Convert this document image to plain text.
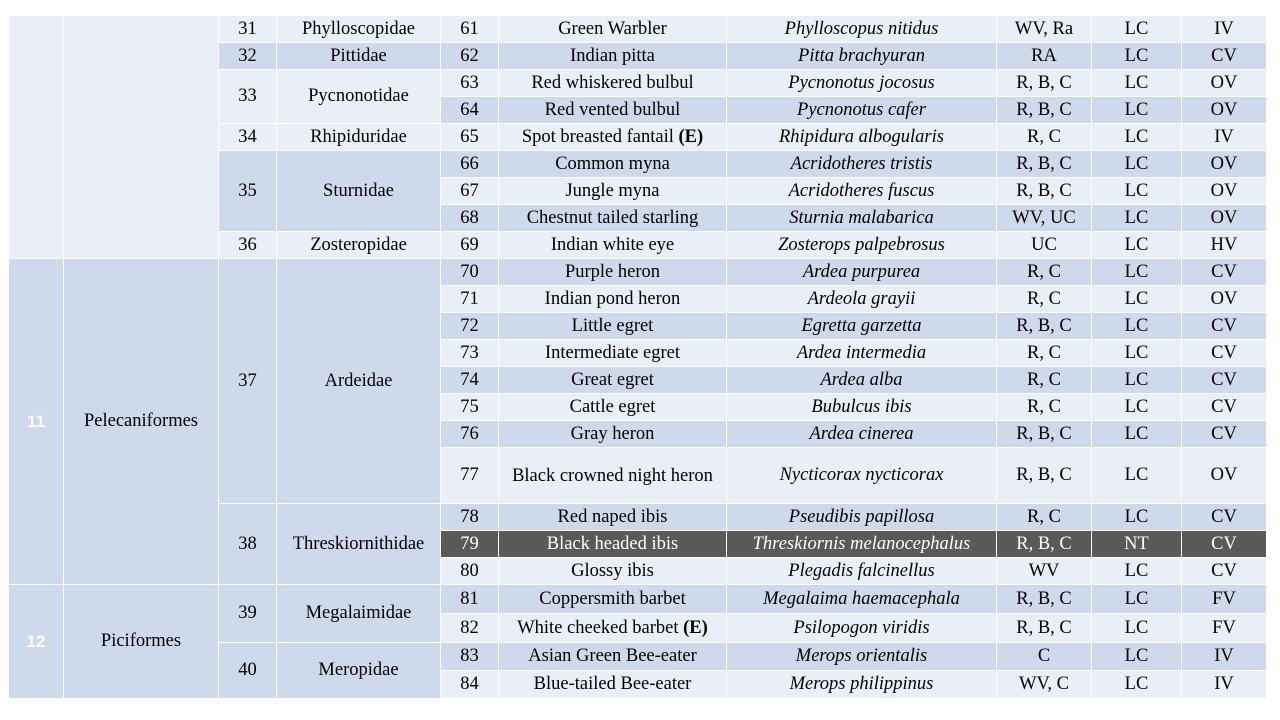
		31	Phylloscopidae	61	Green Warbler	Phylloscopus nitidus	WV, Ra	LC	IV
		32	Pittidae	62	Indian pitta	Pitta brachyuran	RA	LC	CV
		33	Pycnonotidae	63	Red whiskered bulbul	Pycnonotus jocosus	R, B, C	LC	OV
				64	Red vented bulbul	Pycnonotus cafer	R, B, C	LC	OV
		34	Rhipiduridae	65	Spot breasted fantail (E)	Rhipidura albogularis	R, C	LC	IV
		35	Sturnidae	66	Common myna	Acridotheres tristis	R, B, C	LC	OV
				67	Jungle myna	Acridotheres fuscus	R, B, C	LC	OV
				68	Chestnut tailed starling	Sturnia malabarica	WV, UC	LC	OV
		36	Zosteropidae	69	Indian white eye	Zosterops palpebrosus	UC	LC	HV
11	Pelecaniformes	37	Ardeidae	70	Purple heron	Ardea purpurea	R, C	LC	CV
				71	Indian pond heron	Ardeola grayii	R, C	LC	OV
				72	Little egret	Egretta garzetta	R, B, C	LC	CV
				73	Intermediate egret	Ardea intermedia	R, C	LC	CV
				74	Great egret	Ardea alba	R, C	LC	CV
				75	Cattle egret	Bubulcus ibis	R, C	LC	CV
				76	Gray heron	Ardea cinerea	R, B, C	LC	CV
				77	Black crowned night heron	Nycticorax nycticorax	R, B, C	LC	OV
		38	Threskiornithidae	78	Red naped ibis	Pseudibis papillosa	R, C	LC	CV
				79	Black headed ibis	Threskiornis melanocephalus	R, B, C	NT	CV
				80	Glossy ibis	Plegadis falcinellus	WV	LC	CV
12	Piciformes	39	Megalaimidae	81	Coppersmith barbet	Megalaima haemacephala	R, B, C	LC	FV
				82	White cheeked barbet (E)	Psilopogon viridis	R, B, C	LC	FV
		40	Meropidae	83	Asian Green Bee-eater	Merops orientalis	C	LC	IV
				84	Blue-tailed Bee-eater	Merops philippinus	WV, C	LC	IV
